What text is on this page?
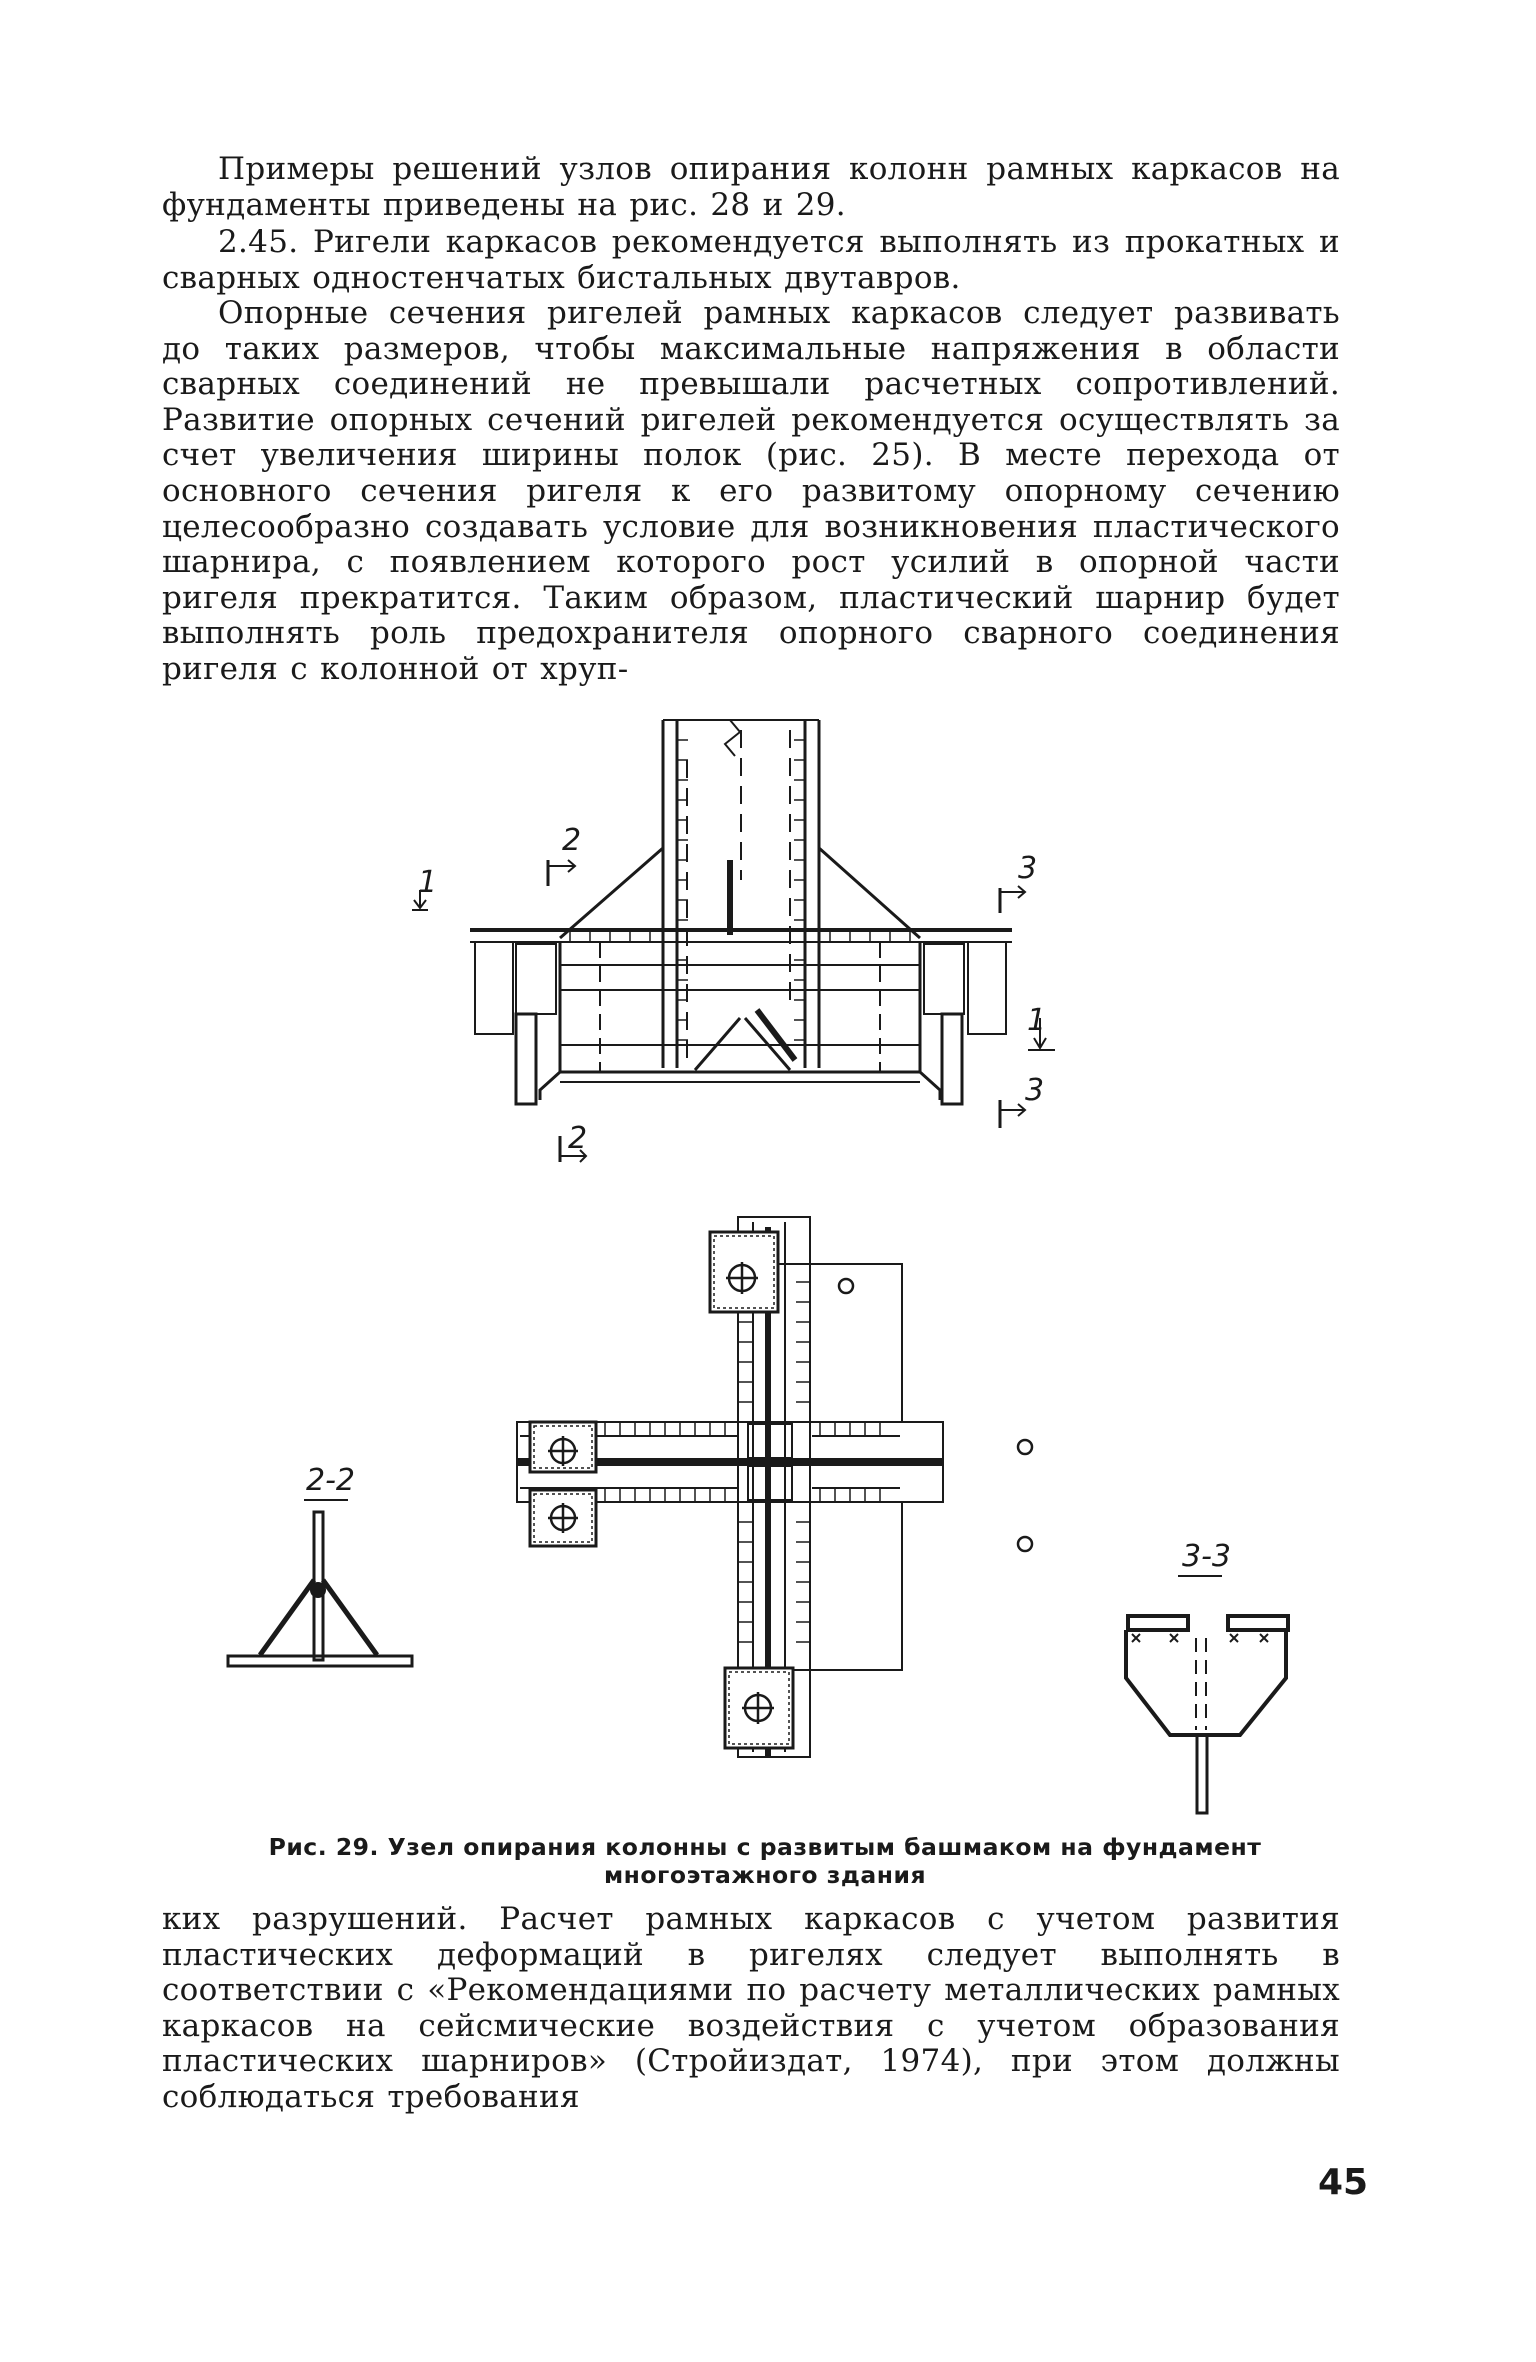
Примеры решений узлов опирания колонн рамных каркасов на фундаменты приведены на рис. 28 и 29.

2.45. Ригели каркасов рекомендуется выполнять из прокатных и сварных одностенчатых бистальных двутавров.

Опорные сечения ригелей рамных каркасов следует развивать до таких размеров, чтобы максимальные напряжения в области сварных соединений не превышали расчетных сопротивлений. Развитие опорных сечений ригелей рекомендуется осуществлять за счет увеличения ширины полок (рис. 25). В месте перехода от основного сечения ригеля к его развитому опорному сечению целесообразно создавать условие для возникновения пластического шарнира, с появлением которого рост усилий в опорной части ригеля прекратится. Таким образом, пластический шарнир будет выполнять роль предохранителя опорного сварного соединения ригеля с колонной от хруп-

1
2
3
1
3
2
2-2
3-3

Рис. 29. Узел опирания колонны с развитым башмаком на фундамент многоэтажного здания

ких разрушений. Расчет рамных каркасов с учетом развития пластических деформаций в ригелях следует выполнять в соответствии с «Рекомендациями по расчету металлических рамных каркасов на сейсмические воздействия с учетом образования пластических шарниров» (Стройиздат, 1974), при этом должны соблюдаться требования

45
